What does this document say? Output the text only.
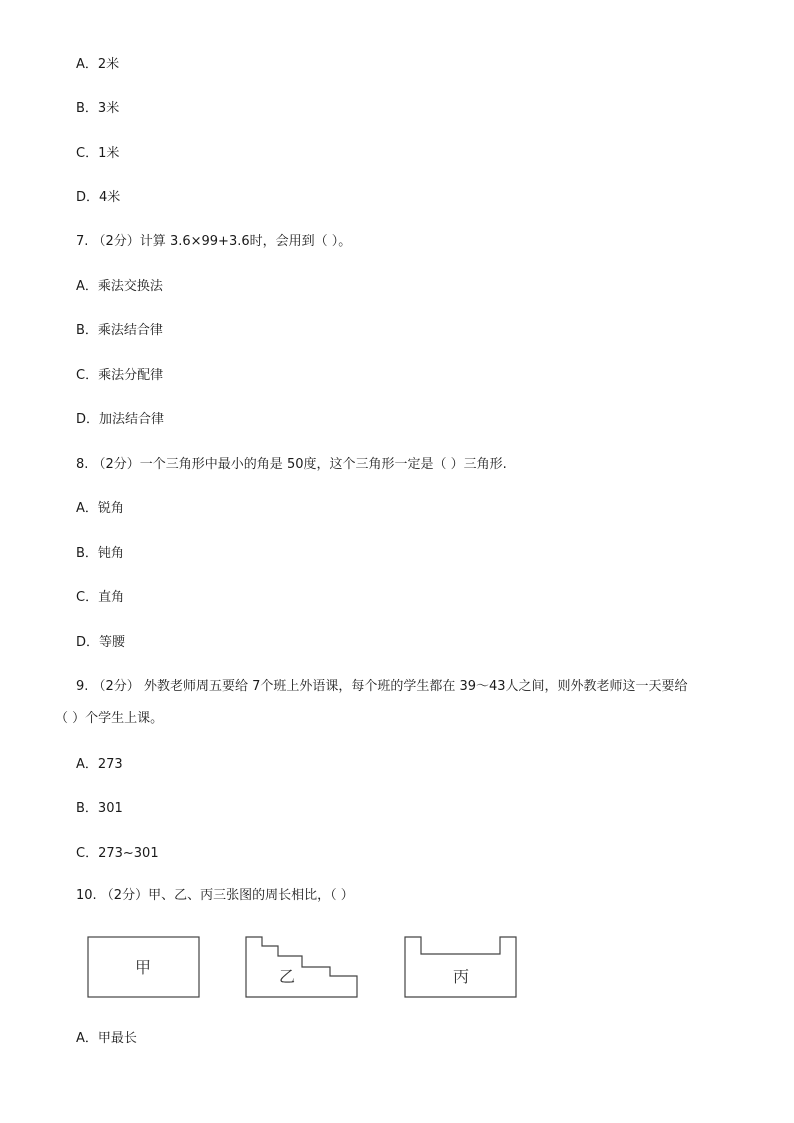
A．2米
B．3米
C．1米
D．4米
7. （2分）计算 3.6×99+3.6时，会用到（ ）。
A．乘法交换法
B．乘法结合律
C．乘法分配律
D．加法结合律
8. （2分）一个三角形中最小的角是 50度，这个三角形一定是（ ）三角形.
A．锐角
B．钝角
C．直角
D．等腰
9. （2分） 外教老师周五要给 7个班上外语课，每个班的学生都在 39～43人之间，则外教老师这一天要给
（ ）个学生上课。
A．273
B．301
C．273~301
10. （2分）甲、乙、丙三张图的周长相比，（ ）
甲	乙	丙
A．甲最长
